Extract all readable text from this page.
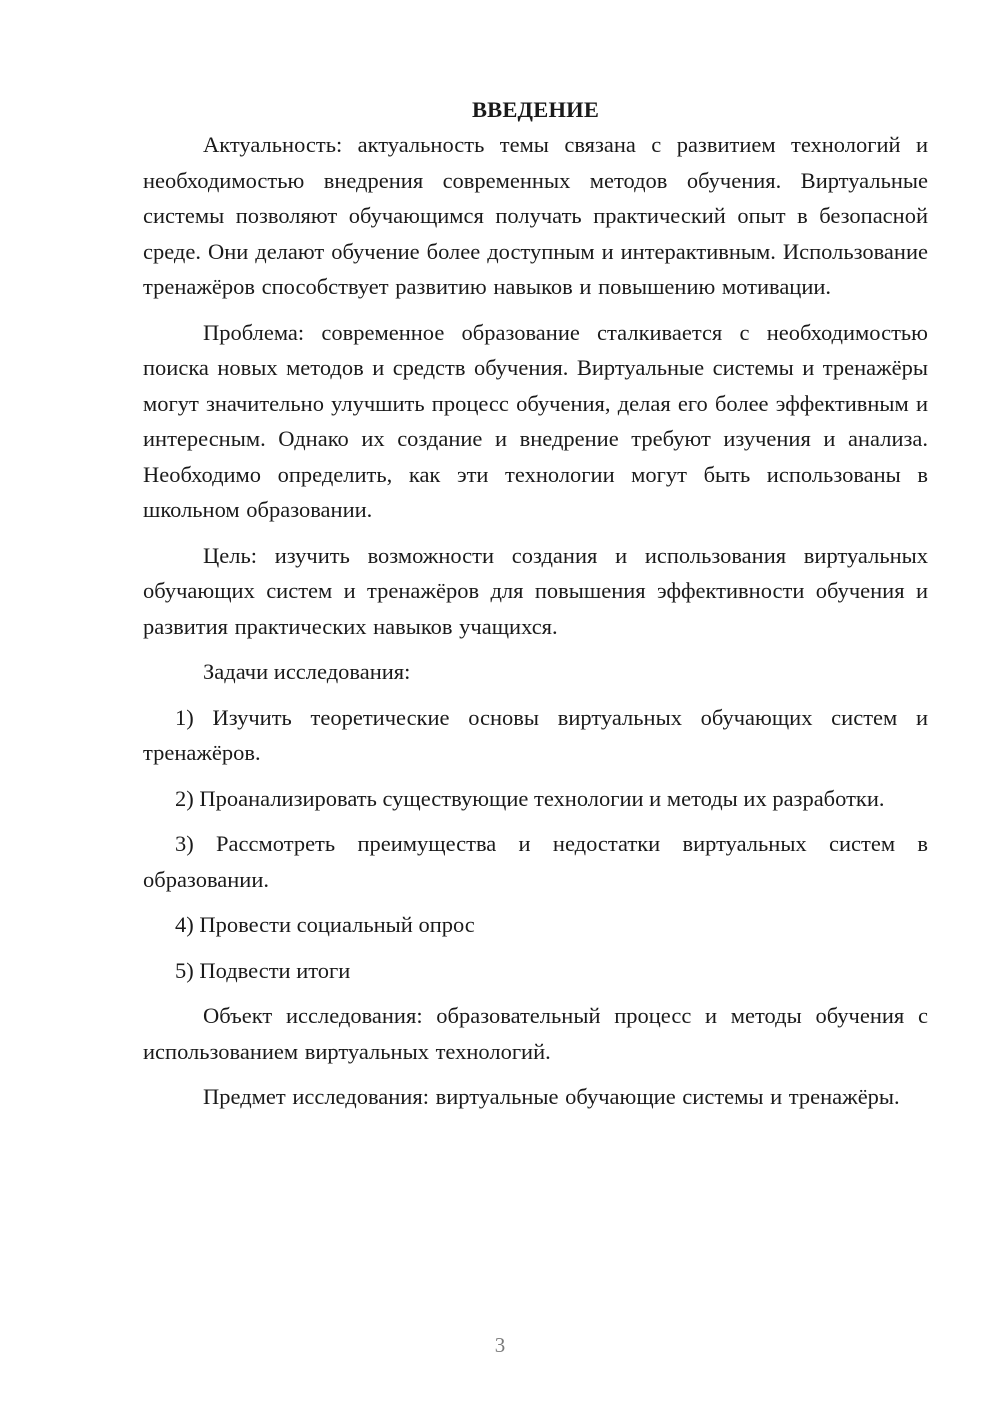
ВВЕДЕНИЕ

Актуальность: актуальность темы связана с развитием технологий и необходимостью внедрения современных методов обучения. Виртуальные системы позволяют обучающимся получать практический опыт в безопасной среде. Они делают обучение более доступным и интерактивным. Использование тренажёров способствует развитию навыков и повышению мотивации.

Проблема: современное образование сталкивается с необходимостью поиска новых методов и средств обучения. Виртуальные системы и тренажёры могут значительно улучшить процесс обучения, делая его более эффективным и интересным. Однако их создание и внедрение требуют изучения и анализа. Необходимо определить, как эти технологии могут быть использованы в школьном образовании.

Цель: изучить возможности создания и использования виртуальных обучающих систем и тренажёров для повышения эффективности обучения и развития практических навыков учащихся.

Задачи исследования:

1) Изучить теоретические основы виртуальных обучающих систем и тренажёров.

2) Проанализировать существующие технологии и методы их разработки.

3) Рассмотреть преимущества и недостатки виртуальных систем в образовании.

4) Провести социальный опрос

5) Подвести итоги

Объект исследования: образовательный процесс и методы обучения с использованием виртуальных технологий.

Предмет исследования: виртуальные обучающие системы и тренажёры.

3
